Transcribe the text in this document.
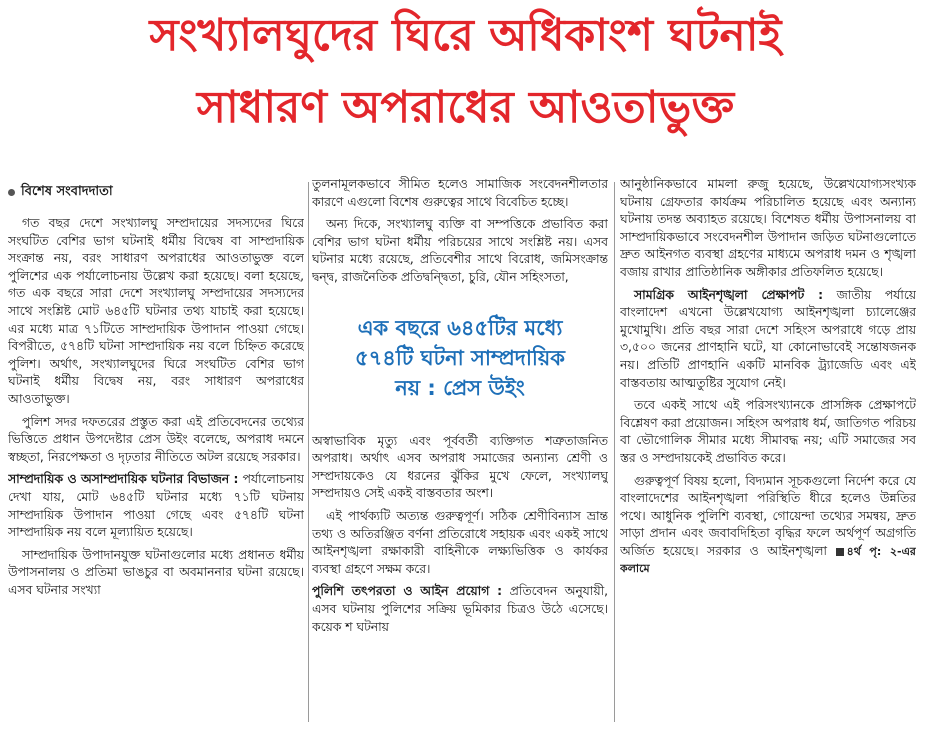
সংখ্যালঘুদের ঘিরে অধিকাংশ ঘটনাই
সাধারণ অপরাধের আওতাভুক্ত
বিশেষ সংবাদদাতা

গত বছর দেশে সংখ্যালঘু সম্প্রদায়ের সদস্যদের ঘিরে সংঘটিত বেশির ভাগ ঘটনাই ধর্মীয় বিদ্বেষ বা সাম্প্রদায়িক সংক্রান্ত নয়, বরং সাধারণ অপরাধের আওতাভুক্ত বলে পুলিশের এক পর্যালোচনায় উল্লেখ করা হয়েছে। বলা হয়েছে, গত এক বছরে সারা দেশে সংখ্যালঘু সম্প্রদায়ের সদস্যদের সাথে সংশ্লিষ্ট মোট ৬৪৫টি ঘটনার তথ্য যাচাই করা হয়েছে। এর মধ্যে মাত্র ৭১টিতে সাম্প্রদায়িক উপাদান পাওয়া গেছে। বিপরীতে, ৫৭৪টি ঘটনা সাম্প্রদায়িক নয় বলে চিহ্নিত করেছে পুলিশ। অর্থাৎ, সংখ্যালঘুদের ঘিরে সংঘটিত বেশির ভাগ ঘটনাই ধর্মীয় বিদ্বেষ নয়, বরং সাধারণ অপরাধের আওতাভুক্ত।

পুলিশ সদর দফতরের প্রস্তুত করা এই প্রতিবেদনের তথ্যের ভিত্তিতে প্রধান উপদেষ্টার প্রেস উইং বলেছে, অপরাধ দমনে স্বচ্ছতা, নিরপেক্ষতা ও দৃঢ়তার নীতিতে অটল রয়েছে সরকার।

সাম্প্রদায়িক ও অসাম্প্রদায়িক ঘটনার বিভাজন : পর্যালোচনায় দেখা যায়, মোট ৬৪৫টি ঘটনার মধ্যে ৭১টি ঘটনায় সাম্প্রদায়িক উপাদান পাওয়া গেছে এবং ৫৭৪টি ঘটনা সাম্প্রদায়িক নয় বলে মূল্যায়িত হয়েছে।

সাম্প্রদায়িক উপাদানযুক্ত ঘটনাগুলোর মধ্যে প্রধানত ধর্মীয় উপাসনালয় ও প্রতিমা ভাঙচুর বা অবমাননার ঘটনা রয়েছে। এসব ঘটনার সংখ্যা

তুলনামূলকভাবে সীমিত হলেও সামাজিক সংবেদনশীলতার কারণে এগুলো বিশেষ গুরুত্বের সাথে বিবেচিত হচ্ছে।

অন্য দিকে, সংখ্যালঘু ব্যক্তি বা সম্পত্তিকে প্রভাবিত করা বেশির ভাগ ঘটনা ধর্মীয় পরিচয়ের সাথে সংশ্লিষ্ট নয়। এসব ঘটনার মধ্যে রয়েছে, প্রতিবেশীর সাথে বিরোধ, জমিসংক্রান্ত দ্বন্দ্ব, রাজনৈতিক প্রতিদ্বন্দ্বিতা, চুরি, যৌন সহিংসতা,

এক বছরে ৬৪৫টির মধ্যে
৫৭৪টি ঘটনা সাম্প্রদায়িক
নয় : প্রেস উইং

অস্বাভাবিক মৃত্যু এবং পূর্ববর্তী ব্যক্তিগত শত্রুতাজনিত অপরাধ। অর্থাৎ এসব অপরাধ সমাজের অন্যান্য শ্রেণী ও সম্প্রদায়কেও যে ধরনের ঝুঁকির মুখে ফেলে, সংখ্যালঘু সম্প্রদায়ও সেই একই বাস্তবতার অংশ।

এই পার্থক্যটি অত্যন্ত গুরুত্বপূর্ণ। সঠিক শ্রেণীবিন্যাস ভ্রান্ত তথ্য ও অতিরঞ্জিত বর্ণনা প্রতিরোধে সহায়ক এবং একই সাথে আইনশৃঙ্খলা রক্ষাকারী বাহিনীকে লক্ষ্যভিত্তিক ও কার্যকর ব্যবস্থা গ্রহণে সক্ষম করে।

পুলিশি তৎপরতা ও আইন প্রয়োগ : প্রতিবেদন অনুযায়ী, এসব ঘটনায় পুলিশের সক্রিয় ভূমিকার চিত্রও উঠে এসেছে। কয়েক শ ঘটনায়

আনুষ্ঠানিকভাবে মামলা রুজু হয়েছে, উল্লেখযোগ্যসংখ্যক ঘটনায় গ্রেফতার কার্যক্রম পরিচালিত হয়েছে এবং অন্যান্য ঘটনায় তদন্ত অব্যাহত রয়েছে। বিশেষত ধর্মীয় উপাসনালয় বা সাম্প্রদায়িকভাবে সংবেদনশীল উপাদান জড়িত ঘটনাগুলোতে দ্রুত আইনগত ব্যবস্থা গ্রহণের মাধ্যমে অপরাধ দমন ও শৃঙ্খলা বজায় রাখার প্রাতিষ্ঠানিক অঙ্গীকার প্রতিফলিত হয়েছে।

সামগ্রিক আইনশৃঙ্খলা প্রেক্ষাপট : জাতীয় পর্যায়ে বাংলাদেশ এখনো উল্লেখযোগ্য আইনশৃঙ্খলা চ্যালেঞ্জের মুখোমুখি। প্রতি বছর সারা দেশে সহিংস অপরাধে গড়ে প্রায় ৩,৫০০ জনের প্রাণহানি ঘটে, যা কোনোভাবেই সন্তোষজনক নয়। প্রতিটি প্রাণহানি একটি মানবিক ট্র্যাজেডি এবং এই বাস্তবতায় আত্মতুষ্টির সুযোগ নেই।

তবে একই সাথে এই পরিসংখ্যানকে প্রাসঙ্গিক প্রেক্ষাপটে বিশ্লেষণ করা প্রয়োজন। সহিংস অপরাধ ধর্ম, জাতিগত পরিচয় বা ভৌগোলিক সীমার মধ্যে সীমাবদ্ধ নয়; এটি সমাজের সব স্তর ও সম্প্রদায়কেই প্রভাবিত করে।

গুরুত্বপূর্ণ বিষয় হলো, বিদ্যমান সূচকগুলো নির্দেশ করে যে বাংলাদেশের আইনশৃঙ্খলা পরিস্থিতি ধীরে হলেও উন্নতির পথে। আধুনিক পুলিশি ব্যবস্থা, গোয়েন্দা তথ্যের সমন্বয়, দ্রুত সাড়া প্রদান এবং জবাবদিহিতা বৃদ্ধির ফলে অর্থপূর্ণ অগ্রগতি অর্জিত হয়েছে। সরকার ও আইনশৃঙ্খলা ৪র্থ পৃ: ২-এর কলামে
